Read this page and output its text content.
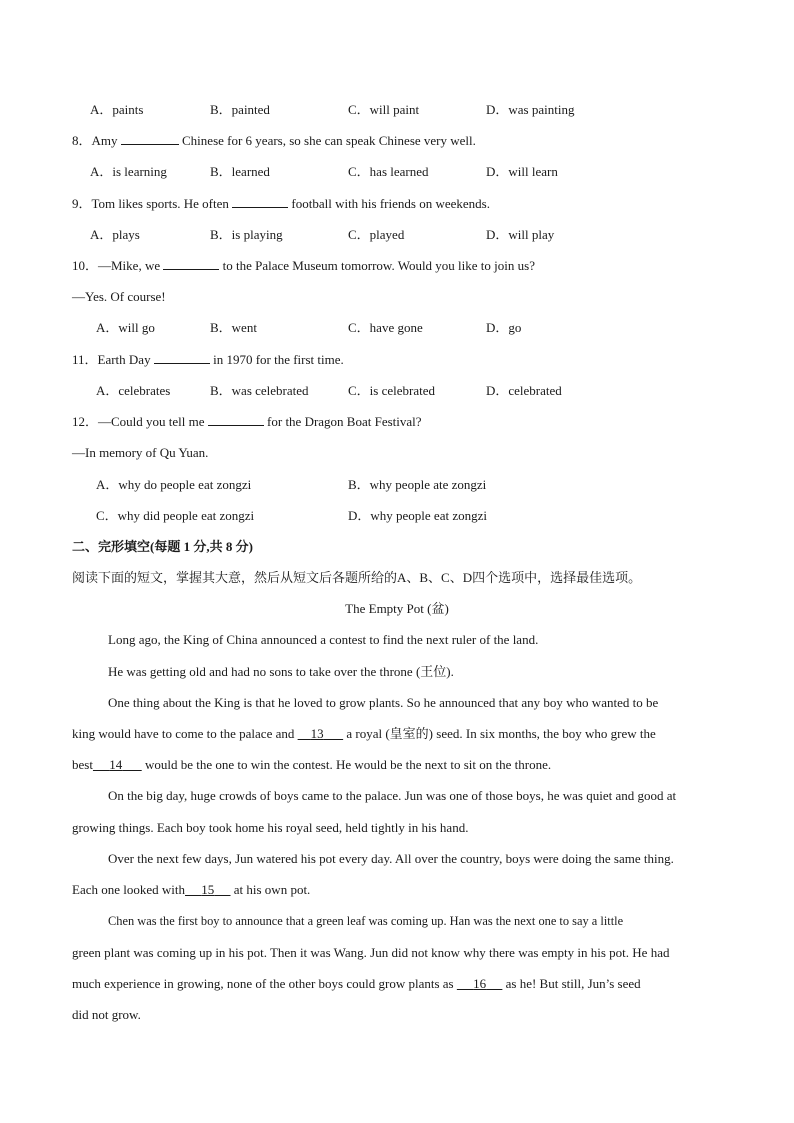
A．paints	B．painted	C．will paint	D．was painting
8．Amy	Chinese for 6 years, so she can speak Chinese very well.
A．is learning	B．learned	C．has learned	D．will learn
9．Tom likes sports. He often	football with his friends on weekends.
A．plays	B．is playing	C．played	D．will play
10．—Mike, we	to the Palace Museum tomorrow. Would you like to join us?
—Yes. Of course!
A．will go	B．went	C．have gone	D．go
11．Earth Day	in 1970 for the first time.
A．celebrates	B．was celebrated	C．is celebrated	D．celebrated
12．—Could you tell me	for the Dragon Boat Festival?
—In memory of Qu Yuan.
A．why do people eat zongzi	B．why people ate zongzi
C．why did people eat zongzi	D．why people eat zongzi
二、完形填空(每题 1 分,共 8 分)
阅读下面的短文，掌握其大意，然后从短文后各题所给的A、B、C、D四个选项中，选择最佳选项。
The Empty Pot (盆)
Long ago, the King of China announced a contest to find the next ruler of the land.
He was getting old and had no sons to take over the throne (王位).
One thing about the King is that he loved to grow plants. So he announced that any boy who wanted to be
king would have to come to the palace and 13 a royal (皇室的) seed. In six months, the boy who grew the
best 14 would be the one to win the contest. He would be the next to sit on the throne.
On the big day, huge crowds of boys came to the palace. Jun was one of those boys, he was quiet and good at
growing things. Each boy took home his royal seed, held tightly in his hand.
Over the next few days, Jun watered his pot every day. All over the country, boys were doing the same thing.
Each one looked with 15 at his own pot.
Chen was the first boy to announce that a green leaf was coming up. Han was the next one to say a little
green plant was coming up in his pot. Then it was Wang. Jun did not know why there was empty in his pot. He had
much experience in growing, none of the other boys could grow plants as 16 as he! But still, Jun’s seed
did not grow.
